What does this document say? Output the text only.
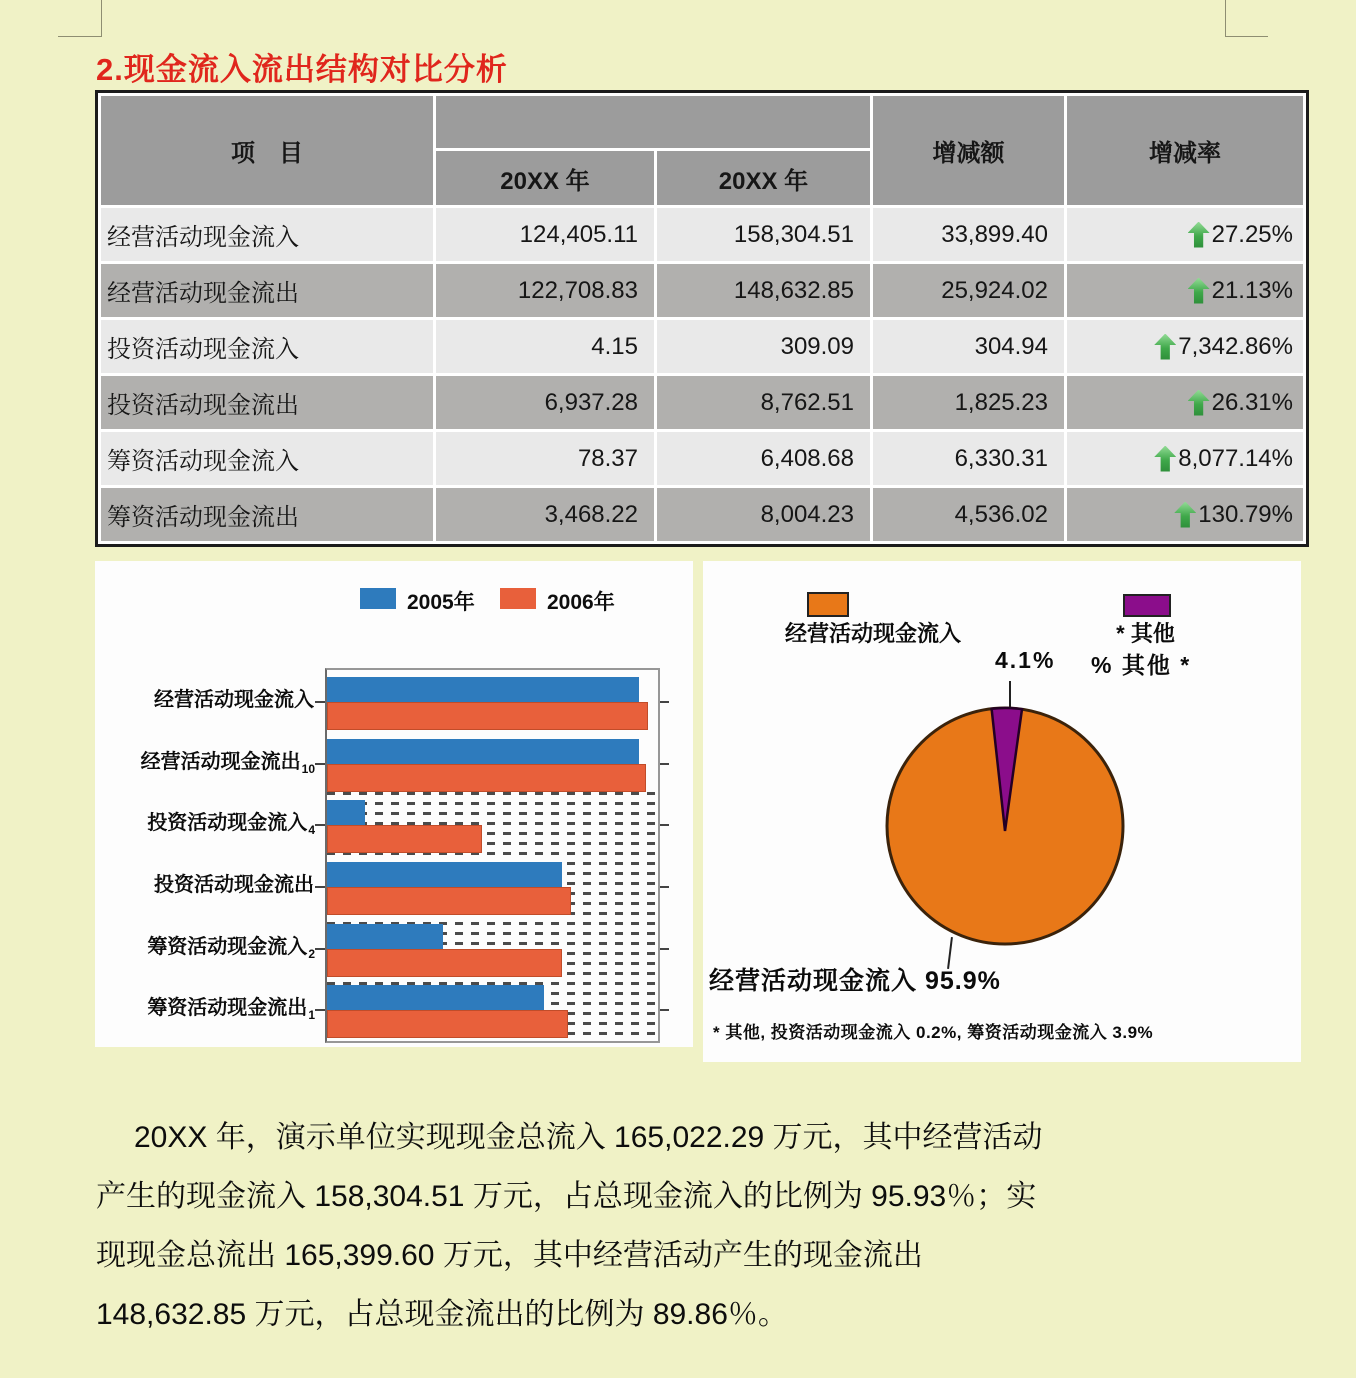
2.现金流入流出结构对比分析
项　目			增减额	增减率
	20XX 年	20XX 年		
经营活动现金流入	124,405.11	158,304.51	33,899.40	27.25%

经营活动现金流出	122,708.83	148,632.85	25,924.02	21.13%

投资活动现金流入	4.15	309.09	304.94	7,342.86%

投资活动现金流出	6,937.28	8,762.51	1,825.23	26.31%

筹资活动现金流入	78.37	6,408.68	6,330.31	8,077.14%

筹资活动现金流出	3,468.22	8,004.23	4,536.02	130.79%
2005年	2006年
经营活动现金流入
经营活动现金流出$_{10}$
投资活动现金流入$_4$
投资活动现金流出
筹资活动现金流入$_2$
筹资活动现金流出$_1$
经营活动现金流入	* 其他
4.1% % 其他 *
经营活动现金流入 95.9%
* 其他, 投资活动现金流入 0.2%, 筹资活动现金流入 3.9%
20XX 年，演示单位实现现金总流入 165,022.29 万元，其中经营活动
产生的现金流入 158,304.51 万元，占总现金流入的比例为 95.93％；实
现现金总流出 165,399.60 万元，其中经营活动产生的现金流出
148,632.85 万元，占总现金流出的比例为 89.86％。
